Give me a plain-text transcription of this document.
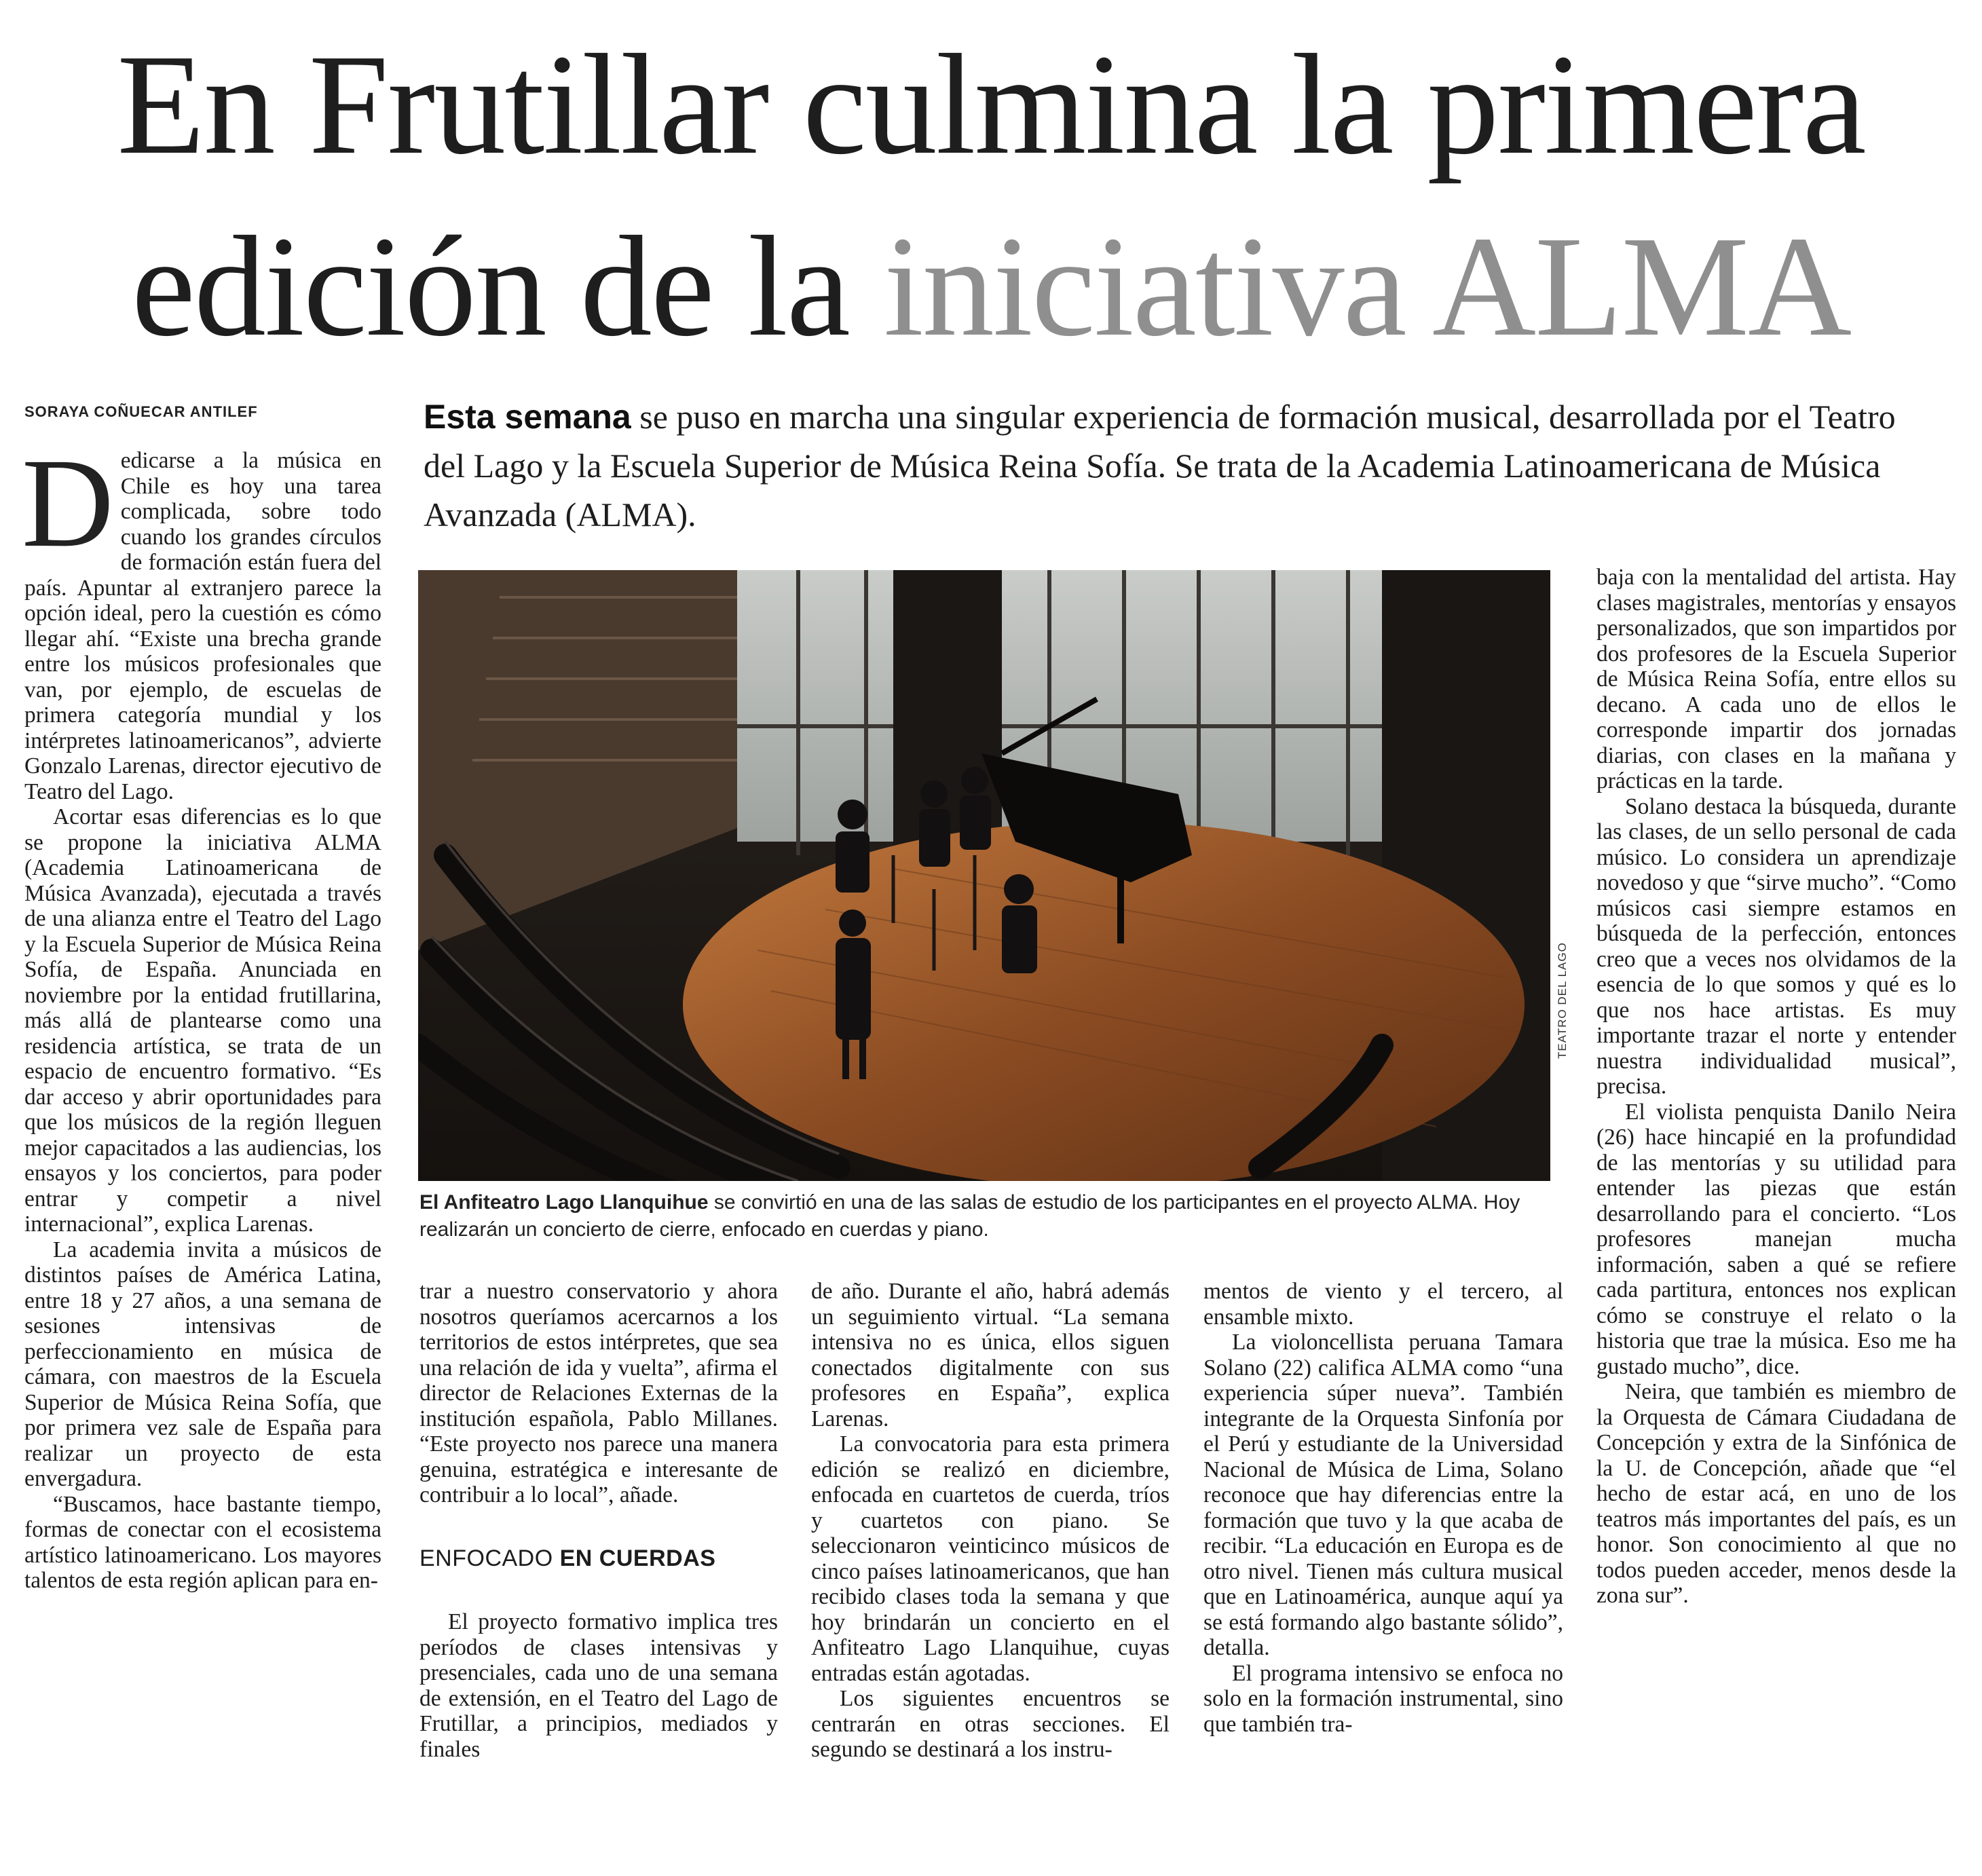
En Frutillar culmina la primera
edición de la iniciativa ALMA
SORAYA COÑUECAR ANTILEF	Esta semana se puso en marcha una singular experiencia de formación musical, desarrollada por el Teatro del Lago y la Escuela Superior de Música Reina Sofía. Se trata de la Academia Latinoamericana de Música Avanzada (ALMA).

Dedicarse a la música en Chile es hoy una tarea complicada, sobre todo cuando los grandes círculos de formación están fuera del país. Apuntar al extranjero parece la opción ideal, pero la cuestión es cómo llegar ahí. “Existe una brecha grande entre los músicos profesionales que van, por ejemplo, de escuelas de primera categoría mundial y los intérpretes latinoamericanos”, advierte Gonzalo Larenas, director ejecutivo de Teatro del Lago.

Acortar esas diferencias es lo que se propone la iniciativa ALMA (Academia Latinoamericana de Música Avanzada), ejecutada a través de una alianza entre el Teatro del Lago y la Escuela Superior de Música Reina Sofía, de España. Anunciada en noviembre por la entidad frutillarina, más allá de plantearse como una residencia artística, se trata de un espacio de encuentro formativo. “Es dar acceso y abrir oportunidades para que los músicos de la región lleguen mejor capacitados a las audiencias, los ensayos y los conciertos, para poder entrar y competir a nivel internacional”, explica Larenas.

La academia invita a músicos de distintos países de América Latina, entre 18 y 27 años, a una semana de sesiones intensivas de perfeccionamiento en música de cámara, con maestros de la Escuela Superior de Música Reina Sofía, que por primera vez sale de España para realizar un proyecto de esta envergadura.

“Buscamos, hace bastante tiempo, formas de conectar con el ecosistema artístico latinoamericano. Los mayores talentos de esta región aplican para en-

TEATRO DEL LAGO

El Anfiteatro Lago Llanquihue se convirtió en una de las salas de estudio de los participantes en el proyecto ALMA. Hoy realizarán un concierto de cierre, enfocado en cuerdas y piano.

trar a nuestro conservatorio y ahora nosotros queríamos acercarnos a los territorios de estos intérpretes, que sea una relación de ida y vuelta”, afirma el director de Relaciones Externas de la institución española, Pablo Millanes. “Este proyecto nos parece una manera genuina, estratégica e interesante de contribuir a lo local”, añade.

ENFOCADO EN CUERDAS

El proyecto formativo implica tres períodos de clases intensivas y presenciales, cada uno de una semana de extensión, en el Teatro del Lago de Frutillar, a principios, mediados y finales

de año. Durante el año, habrá además un seguimiento virtual. “La semana intensiva no es única, ellos siguen conectados digitalmente con sus profesores en España”, explica Larenas.

La convocatoria para esta primera edición se realizó en diciembre, enfocada en cuartetos de cuerda, tríos y cuartetos con piano. Se seleccionaron veinticinco músicos de cinco países latinoamericanos, que han recibido clases toda la semana y que hoy brindarán un concierto en el Anfiteatro Lago Llanquihue, cuyas entradas están agotadas.

Los siguientes encuentros se centrarán en otras secciones. El segundo se destinará a los instru-

mentos de viento y el tercero, al ensamble mixto.

La violoncellista peruana Tamara Solano (22) califica ALMA como “una experiencia súper nueva”. También integrante de la Orquesta Sinfonía por el Perú y estudiante de la Universidad Nacional de Música de Lima, Solano reconoce que hay diferencias entre la formación que tuvo y la que acaba de recibir. “La educación en Europa es de otro nivel. Tienen más cultura musical que en Latinoamérica, aunque aquí ya se está formando algo bastante sólido”, detalla.

El programa intensivo se enfoca no solo en la formación instrumental, sino que también tra-

baja con la mentalidad del artista. Hay clases magistrales, mentorías y ensayos personalizados, que son impartidos por dos profesores de la Escuela Superior de Música Reina Sofía, entre ellos su decano. A cada uno de ellos le corresponde impartir dos jornadas diarias, con clases en la mañana y prácticas en la tarde.

Solano destaca la búsqueda, durante las clases, de un sello personal de cada músico. Lo considera un aprendizaje novedoso y que “sirve mucho”. “Como músicos casi siempre estamos en búsqueda de la perfección, entonces creo que a veces nos olvidamos de la esencia de lo que somos y qué es lo que nos hace artistas. Es muy importante trazar el norte y entender nuestra individualidad musical”, precisa.

El violista penquista Danilo Neira (26) hace hincapié en la profundidad de las mentorías y su utilidad para entender las piezas que están desarrollando para el concierto. “Los profesores manejan mucha información, saben a qué se refiere cada partitura, entonces nos explican cómo se construye el relato o la historia que trae la música. Eso me ha gustado mucho”, dice.

Neira, que también es miembro de la Orquesta de Cámara Ciudadana de Concepción y extra de la Sinfónica de la U. de Concepción, añade que “el hecho de estar acá, en uno de los teatros más importantes del país, es un honor. Son conocimiento al que no todos pueden acceder, menos desde la zona sur”.
